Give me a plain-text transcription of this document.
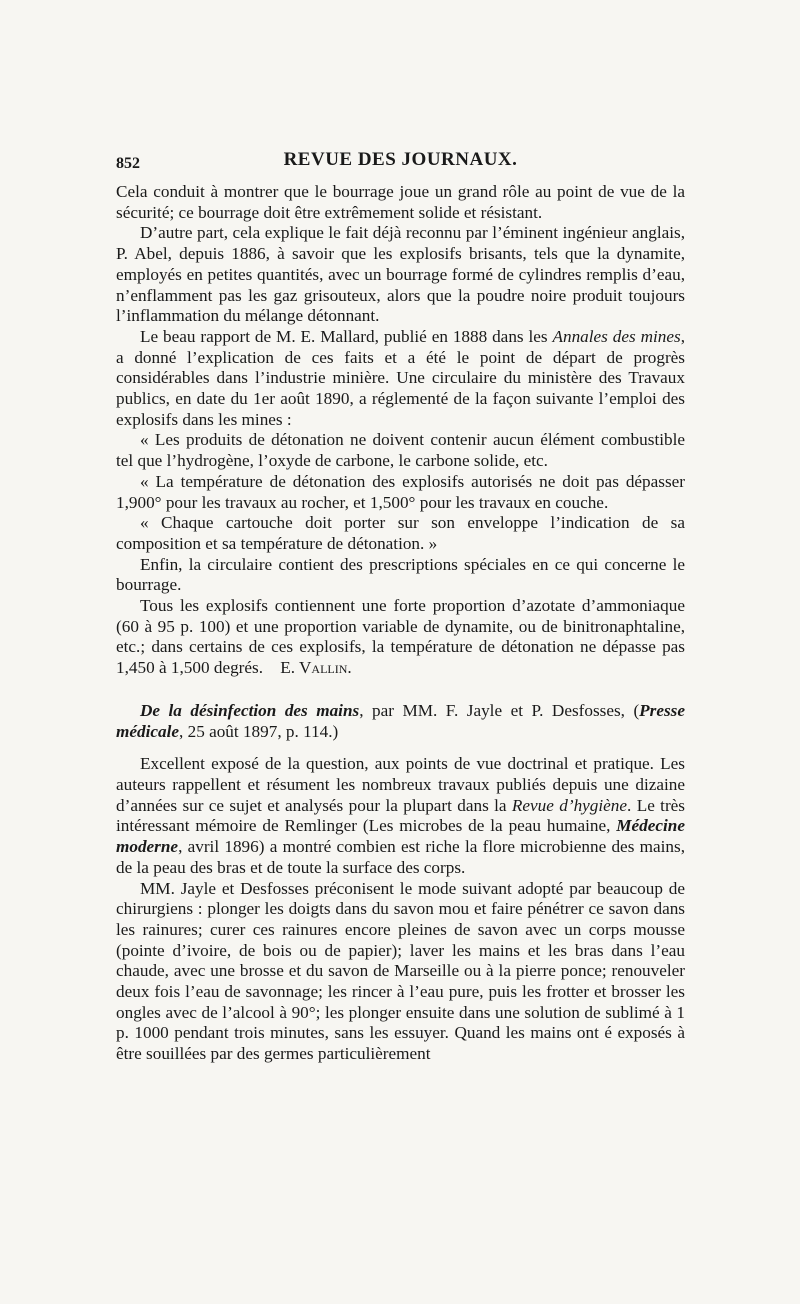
852	REVUE DES JOURNAUX.

Cela conduit à montrer que le bourrage joue un grand rôle au point de vue de la sécurité; ce bourrage doit être extrêmement solide et résistant.

D’autre part, cela explique le fait déjà reconnu par l’éminent ingénieur anglais, P. Abel, depuis 1886, à savoir que les explosifs brisants, tels que la dynamite, employés en petites quantités, avec un bourrage formé de cylindres remplis d’eau, n’enflamment pas les gaz grisouteux, alors que la poudre noire produit toujours l’inflammation du mélange détonnant.

Le beau rapport de M. E. Mallard, publié en 1888 dans les Annales des mines, a donné l’explication de ces faits et a été le point de départ de progrès considérables dans l’industrie minière. Une circulaire du ministère des Travaux publics, en date du 1er août 1890, a réglementé de la façon suivante l’emploi des explosifs dans les mines :

« Les produits de détonation ne doivent contenir aucun élément combustible tel que l’hydrogène, l’oxyde de carbone, le carbone solide, etc.

« La température de détonation des explosifs autorisés ne doit pas dépasser 1,900° pour les travaux au rocher, et 1,500° pour les travaux en couche.

« Chaque cartouche doit porter sur son enveloppe l’indication de sa composition et sa température de détonation. »

Enfin, la circulaire contient des prescriptions spéciales en ce qui concerne le bourrage.

Tous les explosifs contiennent une forte proportion d’azotate d’ammoniaque (60 à 95 p. 100) et une proportion variable de dynamite, ou de binitronaphtaline, etc.; dans certains de ces explosifs, la température de détonation ne dépasse pas 1,450 à 1,500 degrés. E. Vallin.

De la désinfection des mains, par MM. F. Jayle et P. Desfosses, (Presse médicale, 25 août 1897, p. 114.)

Excellent exposé de la question, aux points de vue doctrinal et pratique. Les auteurs rappellent et résument les nombreux travaux publiés depuis une dizaine d’années sur ce sujet et analysés pour la plupart dans la Revue d’hygiène. Le très intéressant mémoire de Remlinger (Les microbes de la peau humaine, Médecine moderne, avril 1896) a montré combien est riche la flore microbienne des mains, de la peau des bras et de toute la surface des corps.

MM. Jayle et Desfosses préconisent le mode suivant adopté par beaucoup de chirurgiens : plonger les doigts dans du savon mou et faire pénétrer ce savon dans les rainures; curer ces rainures encore pleines de savon avec un corps mousse (pointe d’ivoire, de bois ou de papier); laver les mains et les bras dans l’eau chaude, avec une brosse et du savon de Marseille ou à la pierre ponce; renouveler deux fois l’eau de savonnage; les rincer à l’eau pure, puis les frotter et brosser les ongles avec de l’alcool à 90°; les plonger ensuite dans une solution de sublimé à 1 p. 1000 pendant trois minutes, sans les essuyer. Quand les mains ont é exposés à être souillées par des germes particulièrement
